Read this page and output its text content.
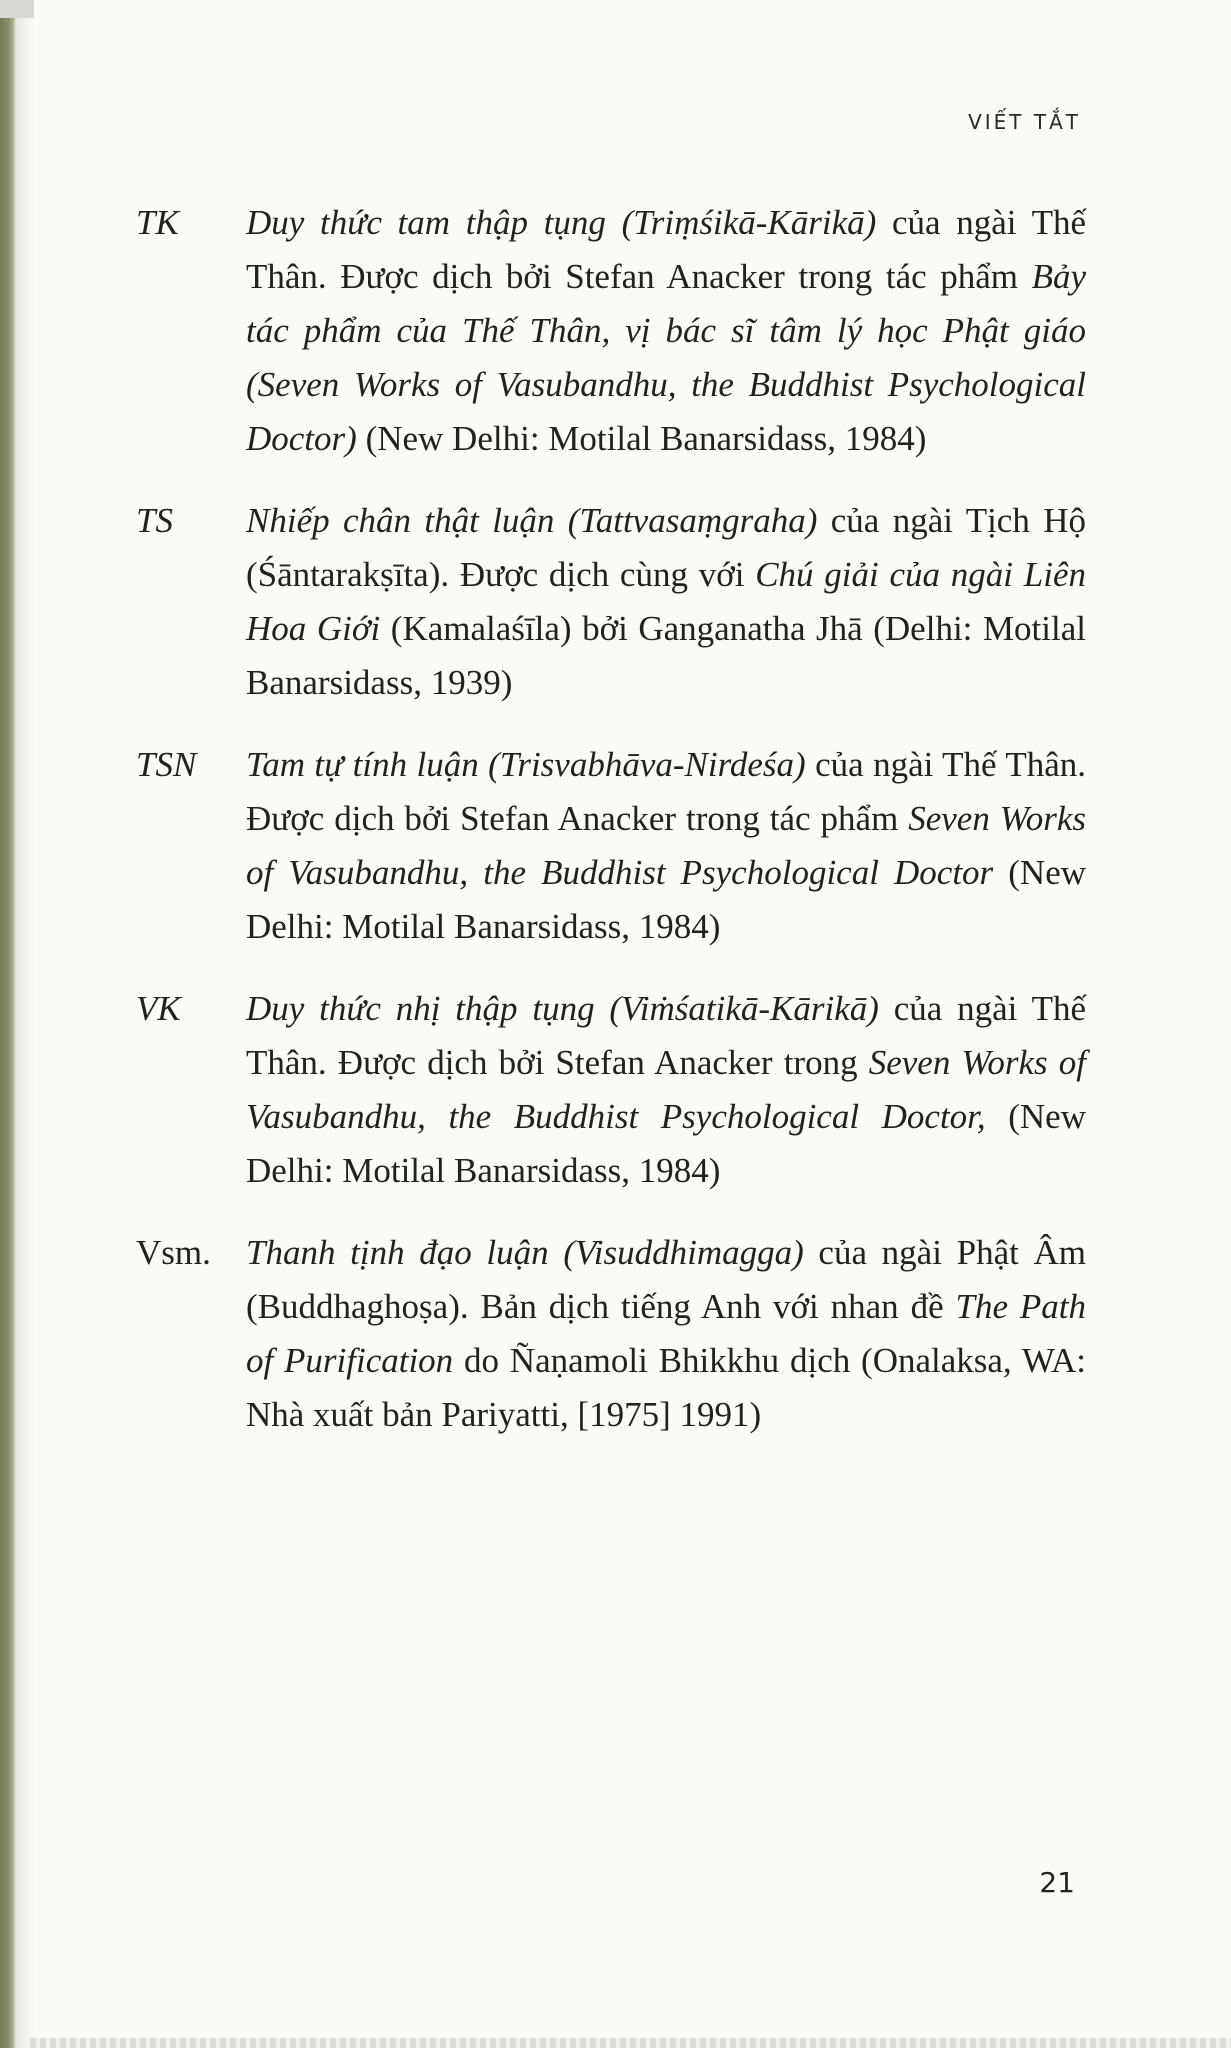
VIẾT TẮT
TK	Duy thức tam thập tụng (Triṃśikā-Kārikā) của ngài Thế Thân. Được dịch bởi Stefan Anacker trong tác phẩm Bảy tác phẩm của Thế Thân, vị bác sĩ tâm lý học Phật giáo (Seven Works of Vasubandhu, the Buddhist Psychological Doctor) (New Delhi: Motilal Banarsidass, 1984)
TS	Nhiếp chân thật luận (Tattvasaṃgraha) của ngài Tịch Hộ (Śāntarakṣīta). Được dịch cùng với Chú giải của ngài Liên Hoa Giới (Kamalaśīla) bởi Ganganatha Jhā (Delhi: Motilal Banarsidass, 1939)
TSN	Tam tự tính luận (Trisvabhāva-Nirdeśa) của ngài Thế Thân. Được dịch bởi Stefan Anacker trong tác phẩm Seven Works of Vasubandhu, the Buddhist Psychological Doctor (New Delhi: Motilal Banarsidass, 1984)
VK	Duy thức nhị thập tụng (Viṁśatikā-Kārikā) của ngài Thế Thân. Được dịch bởi Stefan Anacker trong Seven Works of Vasubandhu, the Buddhist Psychological Doctor, (New Delhi: Motilal Banarsidass, 1984)
Vsm.	Thanh tịnh đạo luận (Visuddhimagga) của ngài Phật Âm (Buddhaghoṣa). Bản dịch tiếng Anh với nhan đề The Path of Purification do Ñaṇamoli Bhikkhu dịch (Onalaksa, WA: Nhà xuất bản Pariyatti, [1975] 1991)
21
